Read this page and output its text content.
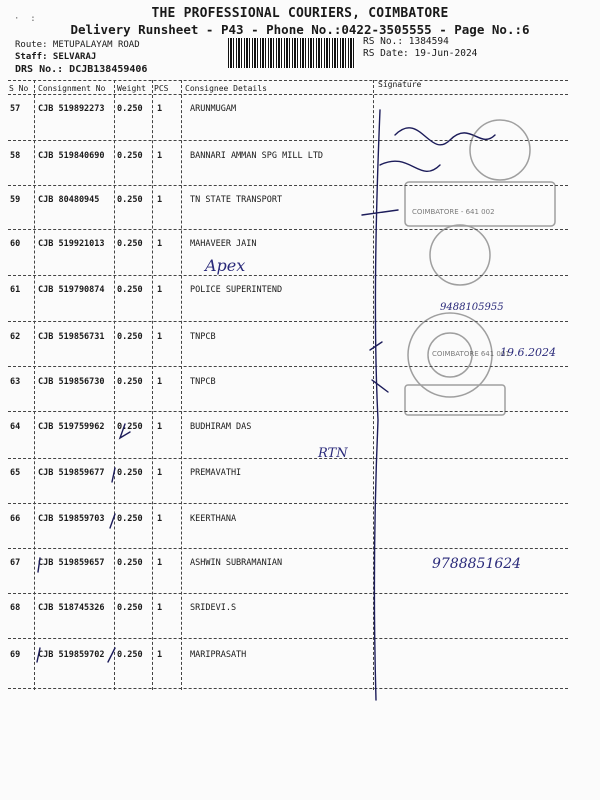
THE PROFESSIONAL COURIERS, COIMBATORE
Delivery Runsheet - P43 - Phone No.:0422-3505555 - Page No.:6
·  :
Route: METUPALAYAM ROAD
Staff: SELVARAJ
DRS No.: DCJB138459406
RS No.: 1384594
RS Date: 19-Jun-2024
S No Consignment No Weight PCS Consignee Details	Signature
57 CJB 519892273 0.250 1	ARUNMUGAM
58 CJB 519840690 0.250 1	BANNARI AMMAN SPG MILL LTD
59 CJB 80480945 0.250 1	TN STATE TRANSPORT
60 CJB 519921013 0.250 1	MAHAVEER JAIN
61 CJB 519790874 0.250 1	POLICE SUPERINTEND
62 CJB 519856731 0.250 1	TNPCB
63 CJB 519856730 0.250 1	TNPCB
64 CJB 519759962 0.250 1	BUDHIRAM DAS
65 CJB 519859677 0.250 1	PREMAVATHI
66 CJB 519859703 0.250 1	KEERTHANA
67 CJB 519859657 0.250 1	ASHWIN SUBRAMANIAN
68 CJB 518745326 0.250 1	SRIDEVI.S
69 CJB 519859702 0.250 1	MARIPRASATH
Apex
9488105955
19.6.2024
RTN
9788851624
COIMBATORE 641 001
COIMBATORE - 641 002
